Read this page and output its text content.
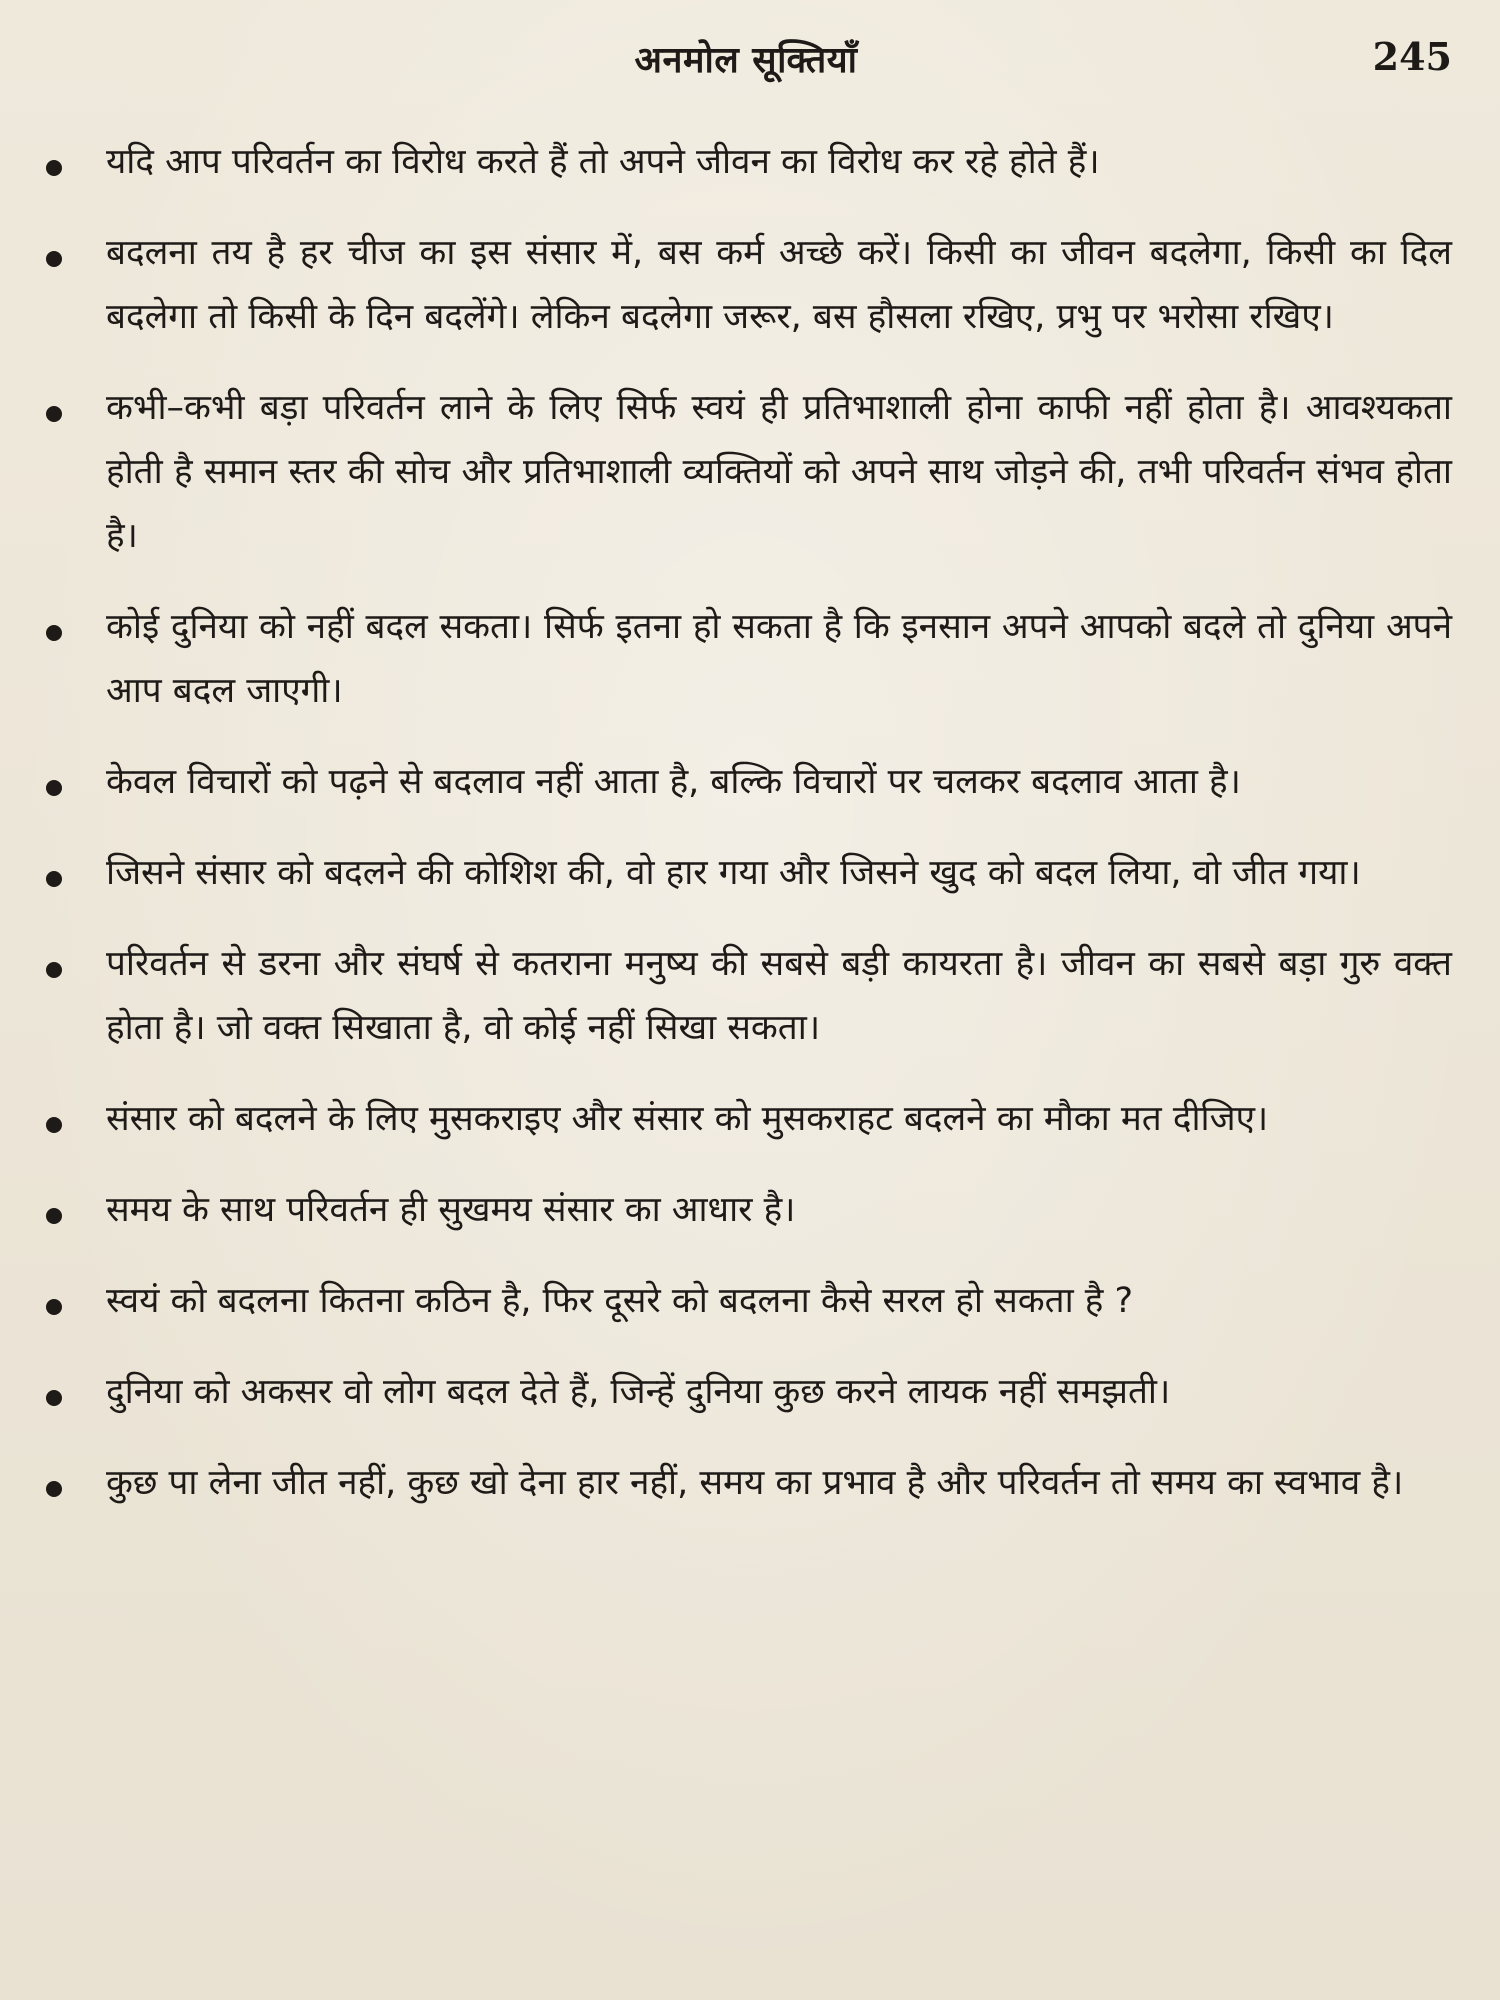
अनमोल सूक्तियाँ	245
यदि आप परिवर्तन का विरोध करते हैं तो अपने जीवन का विरोध कर रहे होते हैं।
बदलना तय है हर चीज का इस संसार में, बस कर्म अच्छे करें। किसी का जीवन बदलेगा, किसी का दिल बदलेगा तो किसी के दिन बदलेंगे। लेकिन बदलेगा जरूर, बस हौसला रखिए, प्रभु पर भरोसा रखिए।
कभी–कभी बड़ा परिवर्तन लाने के लिए सिर्फ स्वयं ही प्रतिभाशाली होना काफी नहीं होता है। आवश्यकता होती है समान स्तर की सोच और प्रतिभाशाली व्यक्तियों को अपने साथ जोड़ने की, तभी परिवर्तन संभव होता है।
कोई दुनिया को नहीं बदल सकता। सिर्फ इतना हो सकता है कि इनसान अपने आपको बदले तो दुनिया अपने आप बदल जाएगी।
केवल विचारों को पढ़ने से बदलाव नहीं आता है, बल्कि विचारों पर चलकर बदलाव आता है।
जिसने संसार को बदलने की कोशिश की, वो हार गया और जिसने खुद को बदल लिया, वो जीत गया।
परिवर्तन से डरना और संघर्ष से कतराना मनुष्य की सबसे बड़ी कायरता है। जीवन का सबसे बड़ा गुरु वक्त होता है। जो वक्त सिखाता है, वो कोई नहीं सिखा सकता।
संसार को बदलने के लिए मुसकराइए और संसार को मुसकराहट बदलने का मौका मत दीजिए।
समय के साथ परिवर्तन ही सुखमय संसार का आधार है।
स्वयं को बदलना कितना कठिन है, फिर दूसरे को बदलना कैसे सरल हो सकता है ?
दुनिया को अकसर वो लोग बदल देते हैं, जिन्हें दुनिया कुछ करने लायक नहीं समझती।
कुछ पा लेना जीत नहीं, कुछ खो देना हार नहीं, समय का प्रभाव है और परिवर्तन तो समय का स्वभाव है।
